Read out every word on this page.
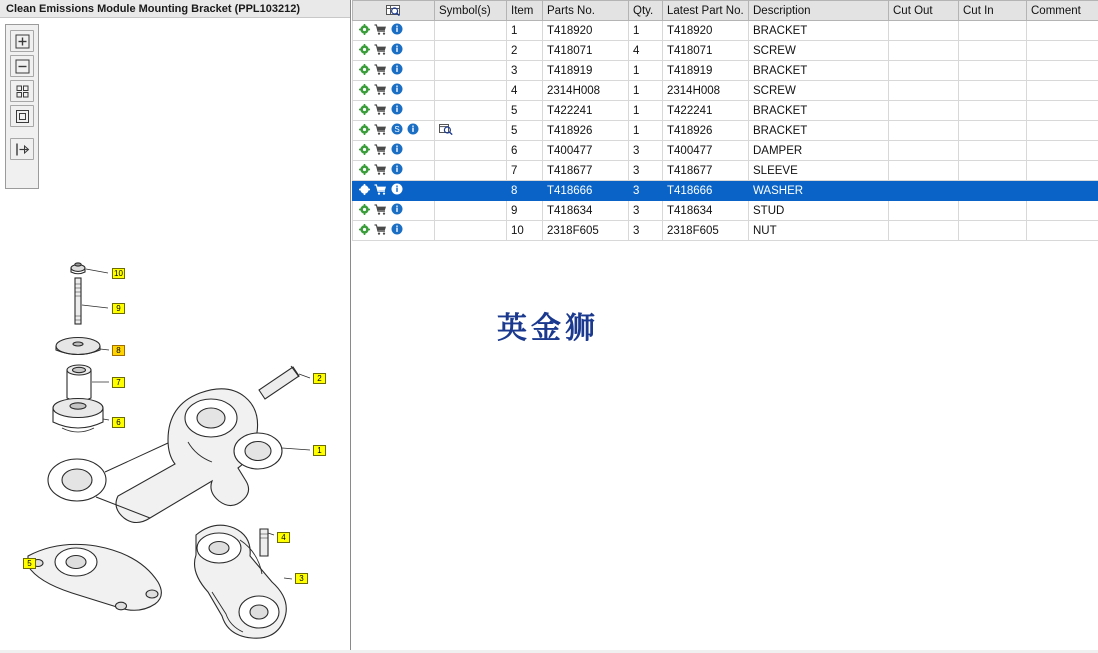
Clean Emissions Module Mounting Bracket (PPL103212)
10
9
8
7
6
2
1
4
5
3
	Symbol(s)	Item	Parts No.	Qty.	Latest Part No.	Description	Cut Out	Cut In	Comment

		1	T418920	1	T418920	BRACKET			

		2	T418071	4	T418071	SCREW			

		3	T418919	1	T418919	BRACKET			

		4	2314H008	1	2314H008	SCREW			

		5	T422241	1	T422241	BRACKET			

S		5	T418926	1	T418926	BRACKET			

		6	T400477	3	T400477	DAMPER			

		7	T418677	3	T418677	SLEEVE			

		8	T418666	3	T418666	WASHER			

		9	T418634	3	T418634	STUD			

		10	2318F605	3	2318F605	NUT			
英金狮
